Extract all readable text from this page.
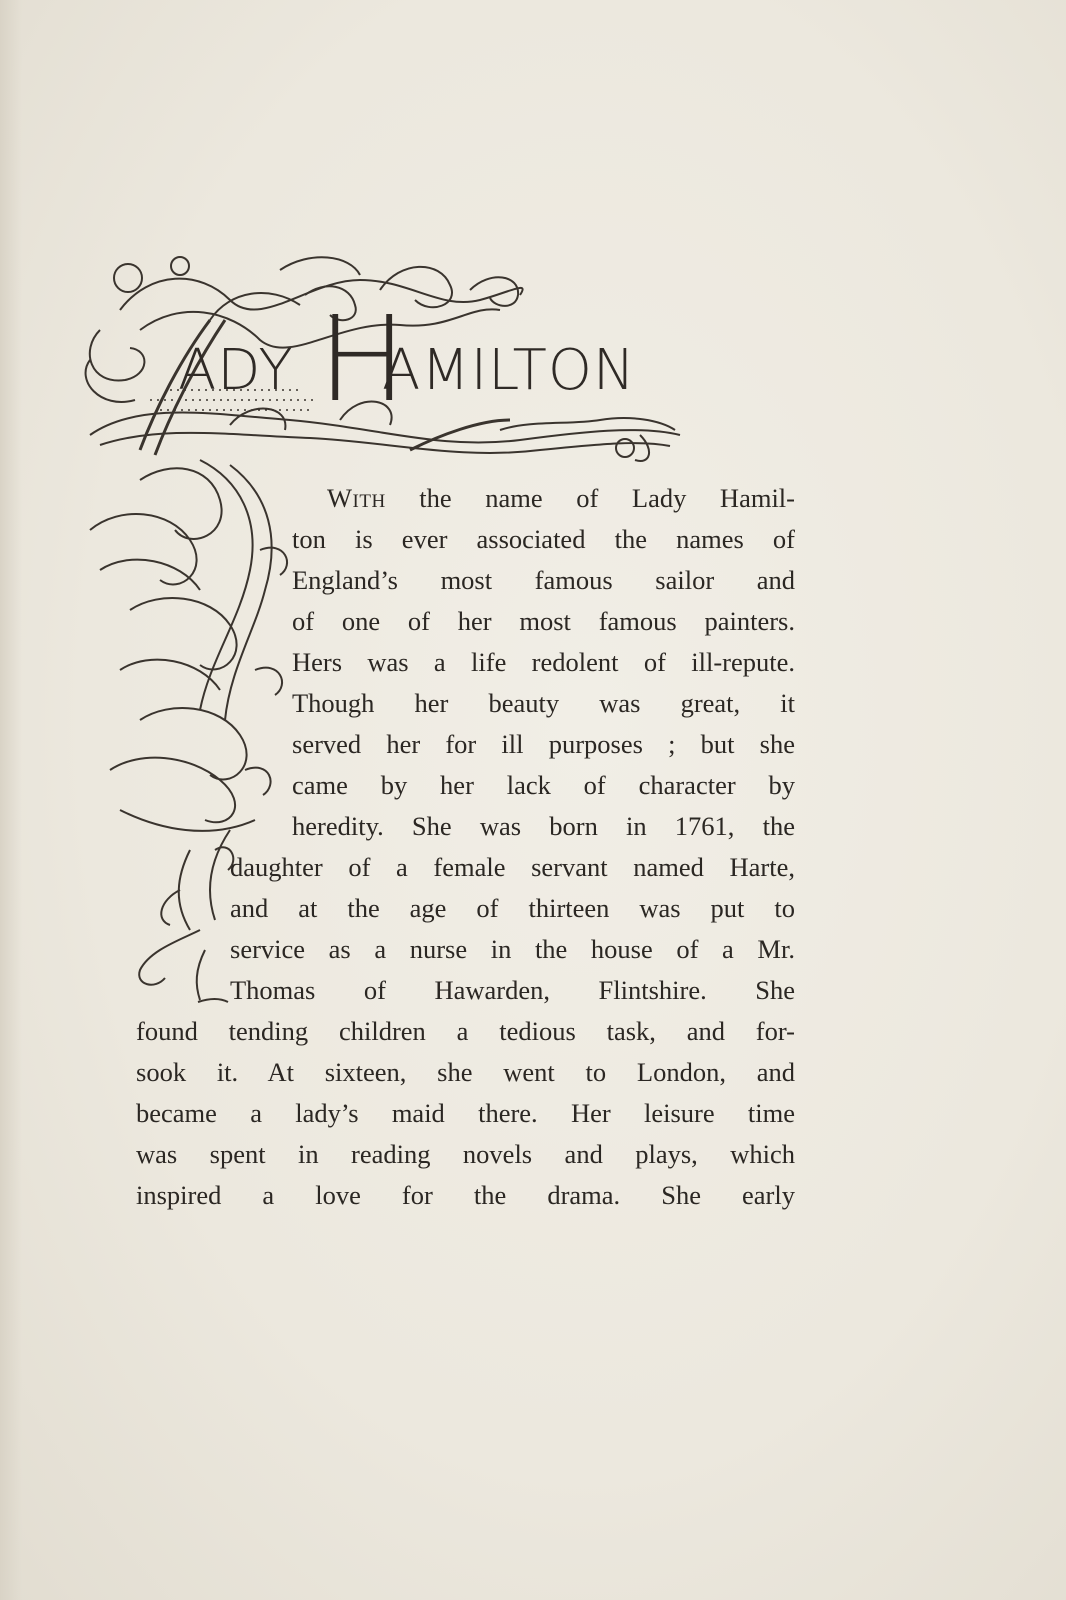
ADY H
AMILTON

With the name of Lady Hamil-

ton is ever associated the names of

England’s most famous sailor and

of one of her most famous painters.

Hers was a life redolent of ill-repute.

Though her beauty was great, it

served her for ill purposes ; but she

came by her lack of character by

heredity. She was born in 1761, the

daughter of a female servant named Harte,

and at the age of thirteen was put to

service as a nurse in the house of a Mr.

Thomas of Hawarden, Flintshire. She

found tending children a tedious task, and for-

sook it. At sixteen, she went to London, and

became a lady’s maid there. Her leisure time

was spent in reading novels and plays, which

inspired a love for the drama. She early
